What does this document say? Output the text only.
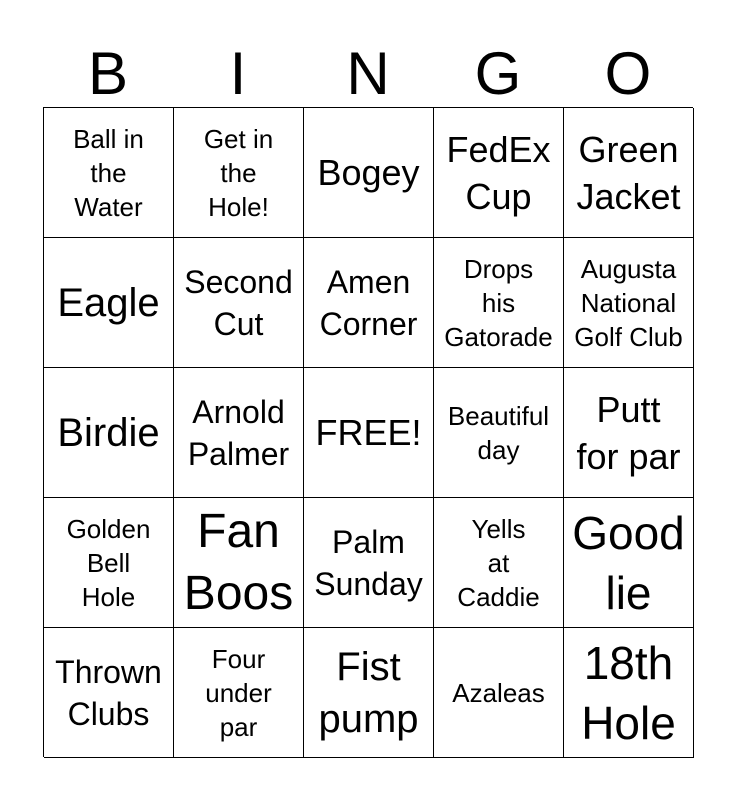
B	I	N	G	O
Ball in
the
Water
Get in
the
Hole!
Bogey
FedEx
Cup
Green
Jacket
Eagle Second
Cut
Amen
Corner
Drops
his
Gatorade
Augusta
National
Golf Club
Birdie Arnold
Palmer
FREE! Beautiful
day
Putt
for par
Golden
Bell
Hole
Fan
Boos
Palm
Sunday
Yells
at
Caddie
Good
lie
Thrown
Clubs
Four
under
par
Fist
pump
Azaleas
18th
Hole
